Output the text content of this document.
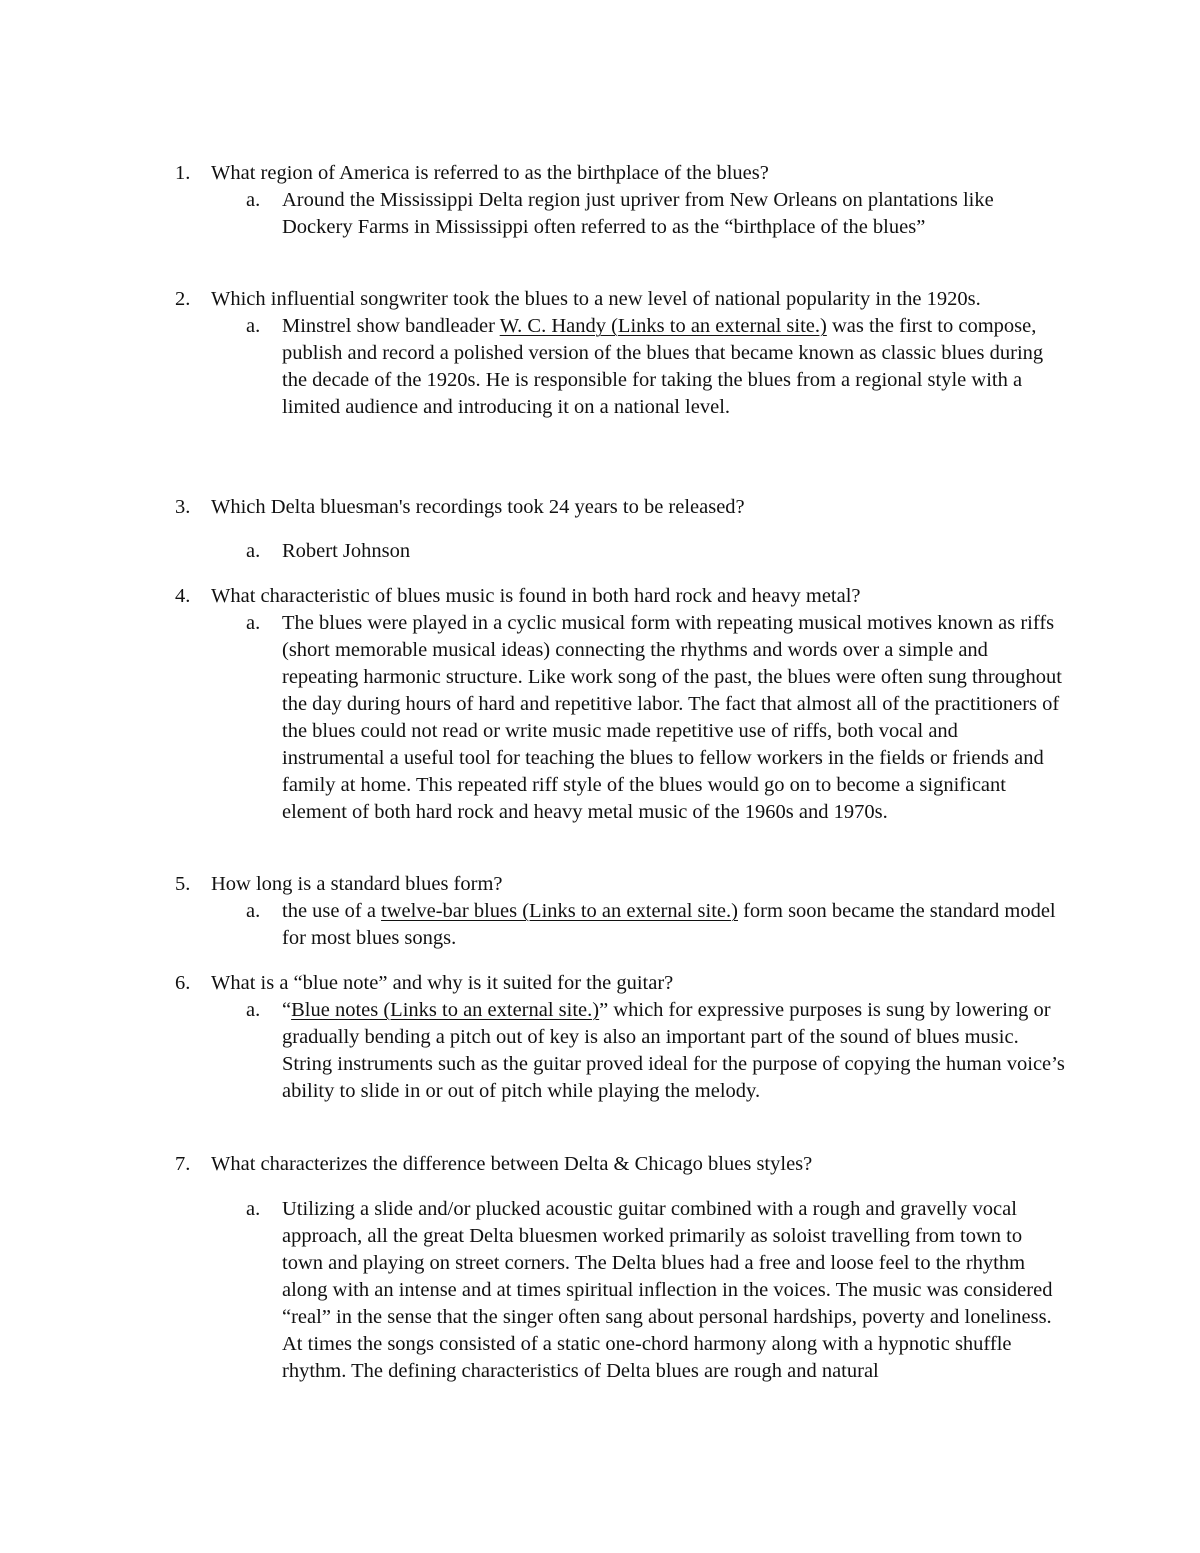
1. What region of America is referred to as the birthplace of the blues?
a. Around the Mississippi Delta region just upriver from New Orleans on plantations like Dockery Farms in Mississippi often referred to as the “birthplace of the blues”
2. Which influential songwriter took the blues to a new level of national popularity in the 1920s.
a. Minstrel show bandleader W. C. Handy (Links to an external site.) was the first to compose, publish and record a polished version of the blues that became known as classic blues during the decade of the 1920s. He is responsible for taking the blues from a regional style with a limited audience and introducing it on a national level.
3. Which Delta bluesman's recordings took 24 years to be released?
a. Robert Johnson
4. What characteristic of blues music is found in both hard rock and heavy metal?
a. The blues were played in a cyclic musical form with repeating musical motives known as riffs (short memorable musical ideas) connecting the rhythms and words over a simple and repeating harmonic structure. Like work song of the past, the blues were often sung throughout the day during hours of hard and repetitive labor. The fact that almost all of the practitioners of the blues could not read or write music made repetitive use of riffs, both vocal and instrumental a useful tool for teaching the blues to fellow workers in the fields or friends and family at home. This repeated riff style of the blues would go on to become a significant element of both hard rock and heavy metal music of the 1960s and 1970s.
5. How long is a standard blues form?
a. the use of a twelve-bar blues (Links to an external site.) form soon became the standard model for most blues songs.
6. What is a “blue note” and why is it suited for the guitar?
a. “Blue notes (Links to an external site.)” which for expressive purposes is sung by lowering or gradually bending a pitch out of key is also an important part of the sound of blues music. String instruments such as the guitar proved ideal for the purpose of copying the human voice’s ability to slide in or out of pitch while playing the melody.
7. What characterizes the difference between Delta & Chicago blues styles?
a. Utilizing a slide and/or plucked acoustic guitar combined with a rough and gravelly vocal approach, all the great Delta bluesmen worked primarily as soloist travelling from town to town and playing on street corners. The Delta blues had a free and loose feel to the rhythm along with an intense and at times spiritual inflection in the voices. The music was considered “real” in the sense that the singer often sang about personal hardships, poverty and loneliness. At times the songs consisted of a static one-chord harmony along with a hypnotic shuffle rhythm. The defining characteristics of Delta blues are rough and natural
